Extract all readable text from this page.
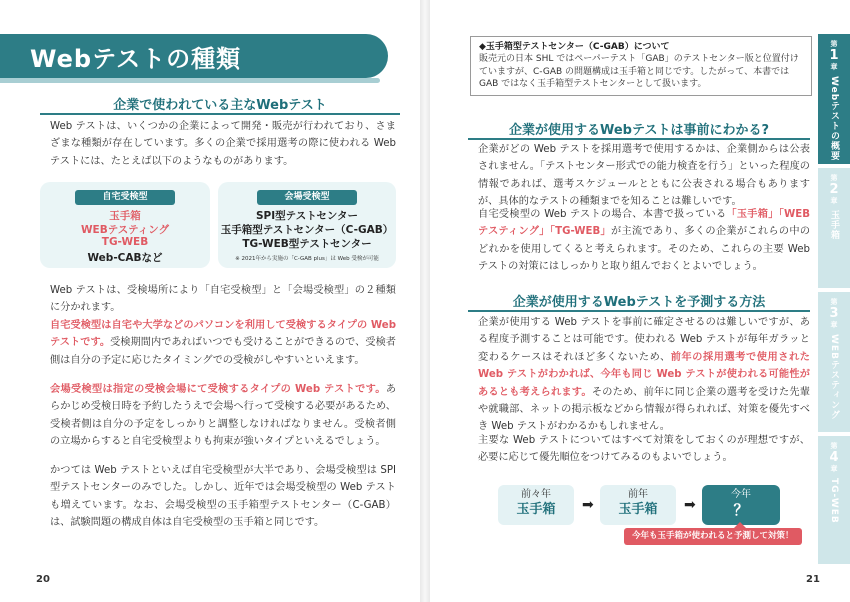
Webテストの種類
企業で使われている主なWebテスト
Web テストは、いくつかの企業によって開発・販売が行われており、さまざまな種類が存在しています。多くの企業で採用選考の際に使われる Web テストには、たとえば以下のようなものがあります。
自宅受検型
玉手箱
WEBテスティング
TG-WEB
Web-CABなど
会場受検型
SPI型テストセンター
玉手箱型テストセンター（C-GAB）
TG-WEB型テストセンター
※ 2021年から実施の「C-GAB plus」は Web 受検が可能
Web テストは、受検場所により「自宅受検型」と「会場受検型」の２種類に分かれます。
自宅受検型は自宅や大学などのパソコンを利用して受検するタイプの Web テストです。受検期間内であればいつでも受けることができるので、受検者側は自分の予定に応じたタイミングでの受検がしやすいといえます。
会場受検型は指定の受検会場にて受検するタイプの Web テストです。あらかじめ受検日時を予約したうえで会場へ行って受検する必要があるため、受検者側は自分の予定をしっかりと調整しなければなりません。受検者側の立場からすると自宅受検型よりも拘束が強いタイプといえるでしょう。
かつては Web テストといえば自宅受検型が大半であり、会場受検型は SPI 型テストセンターのみでした。しかし、近年では会場受検型の Web テストも増えています。なお、会場受検型の玉手箱型テストセンター（C-GAB）は、試験問題の構成自体は自宅受検型の玉手箱と同じです。
20
◆玉手箱型テストセンター（C-GAB）について
販売元の日本 SHL ではペーパーテスト「GAB」のテストセンター版と位置付けていますが、C-GAB の問題構成は玉手箱と同じです。したがって、本書ではGAB ではなく玉手箱型テストセンターとして扱います。
企業が使用するWebテストは事前にわかる?
企業がどの Web テストを採用選考で使用するかは、企業側からは公表されません。「テストセンター形式での能力検査を行う」といった程度の情報であれば、選考スケジュールとともに公表される場合もありますが、具体的なテストの種類までを知ることは難しいです。
自宅受検型の Web テストの場合、本書で扱っている「玉手箱」「WEBテスティング」「TG-WEB」が主流であり、多くの企業がこれらの中のどれかを使用してくると考えられます。そのため、これらの主要 Web テストの対策にはしっかりと取り組んでおくとよいでしょう。
企業が使用するWebテストを予測する方法
企業が使用する Web テストを事前に確定させるのは難しいですが、ある程度予測することは可能です。使われる Web テストが毎年ガラッと変わるケースはそれほど多くないため、前年の採用選考で使用された Web テストがわかれば、今年も同じ Web テストが使われる可能性があるとも考えられます。そのため、前年に同じ企業の選考を受けた先輩や就職部、ネットの掲示板などから情報が得られれば、対策を優先すべき Web テストがわかるかもしれません。
主要な Web テストについてはすべて対策をしておくのが理想ですが、必要に応じて優先順位をつけてみるのもよいでしょう。
前々年
玉手箱	➡
前年
玉手箱	➡
今年
？
今年も玉手箱が使われると予測して対策！
21
第
1
章
Webテストの概要
第
2
章
玉手箱
第
3
章
WEBテスティング
第
4
章
TG-WEB
